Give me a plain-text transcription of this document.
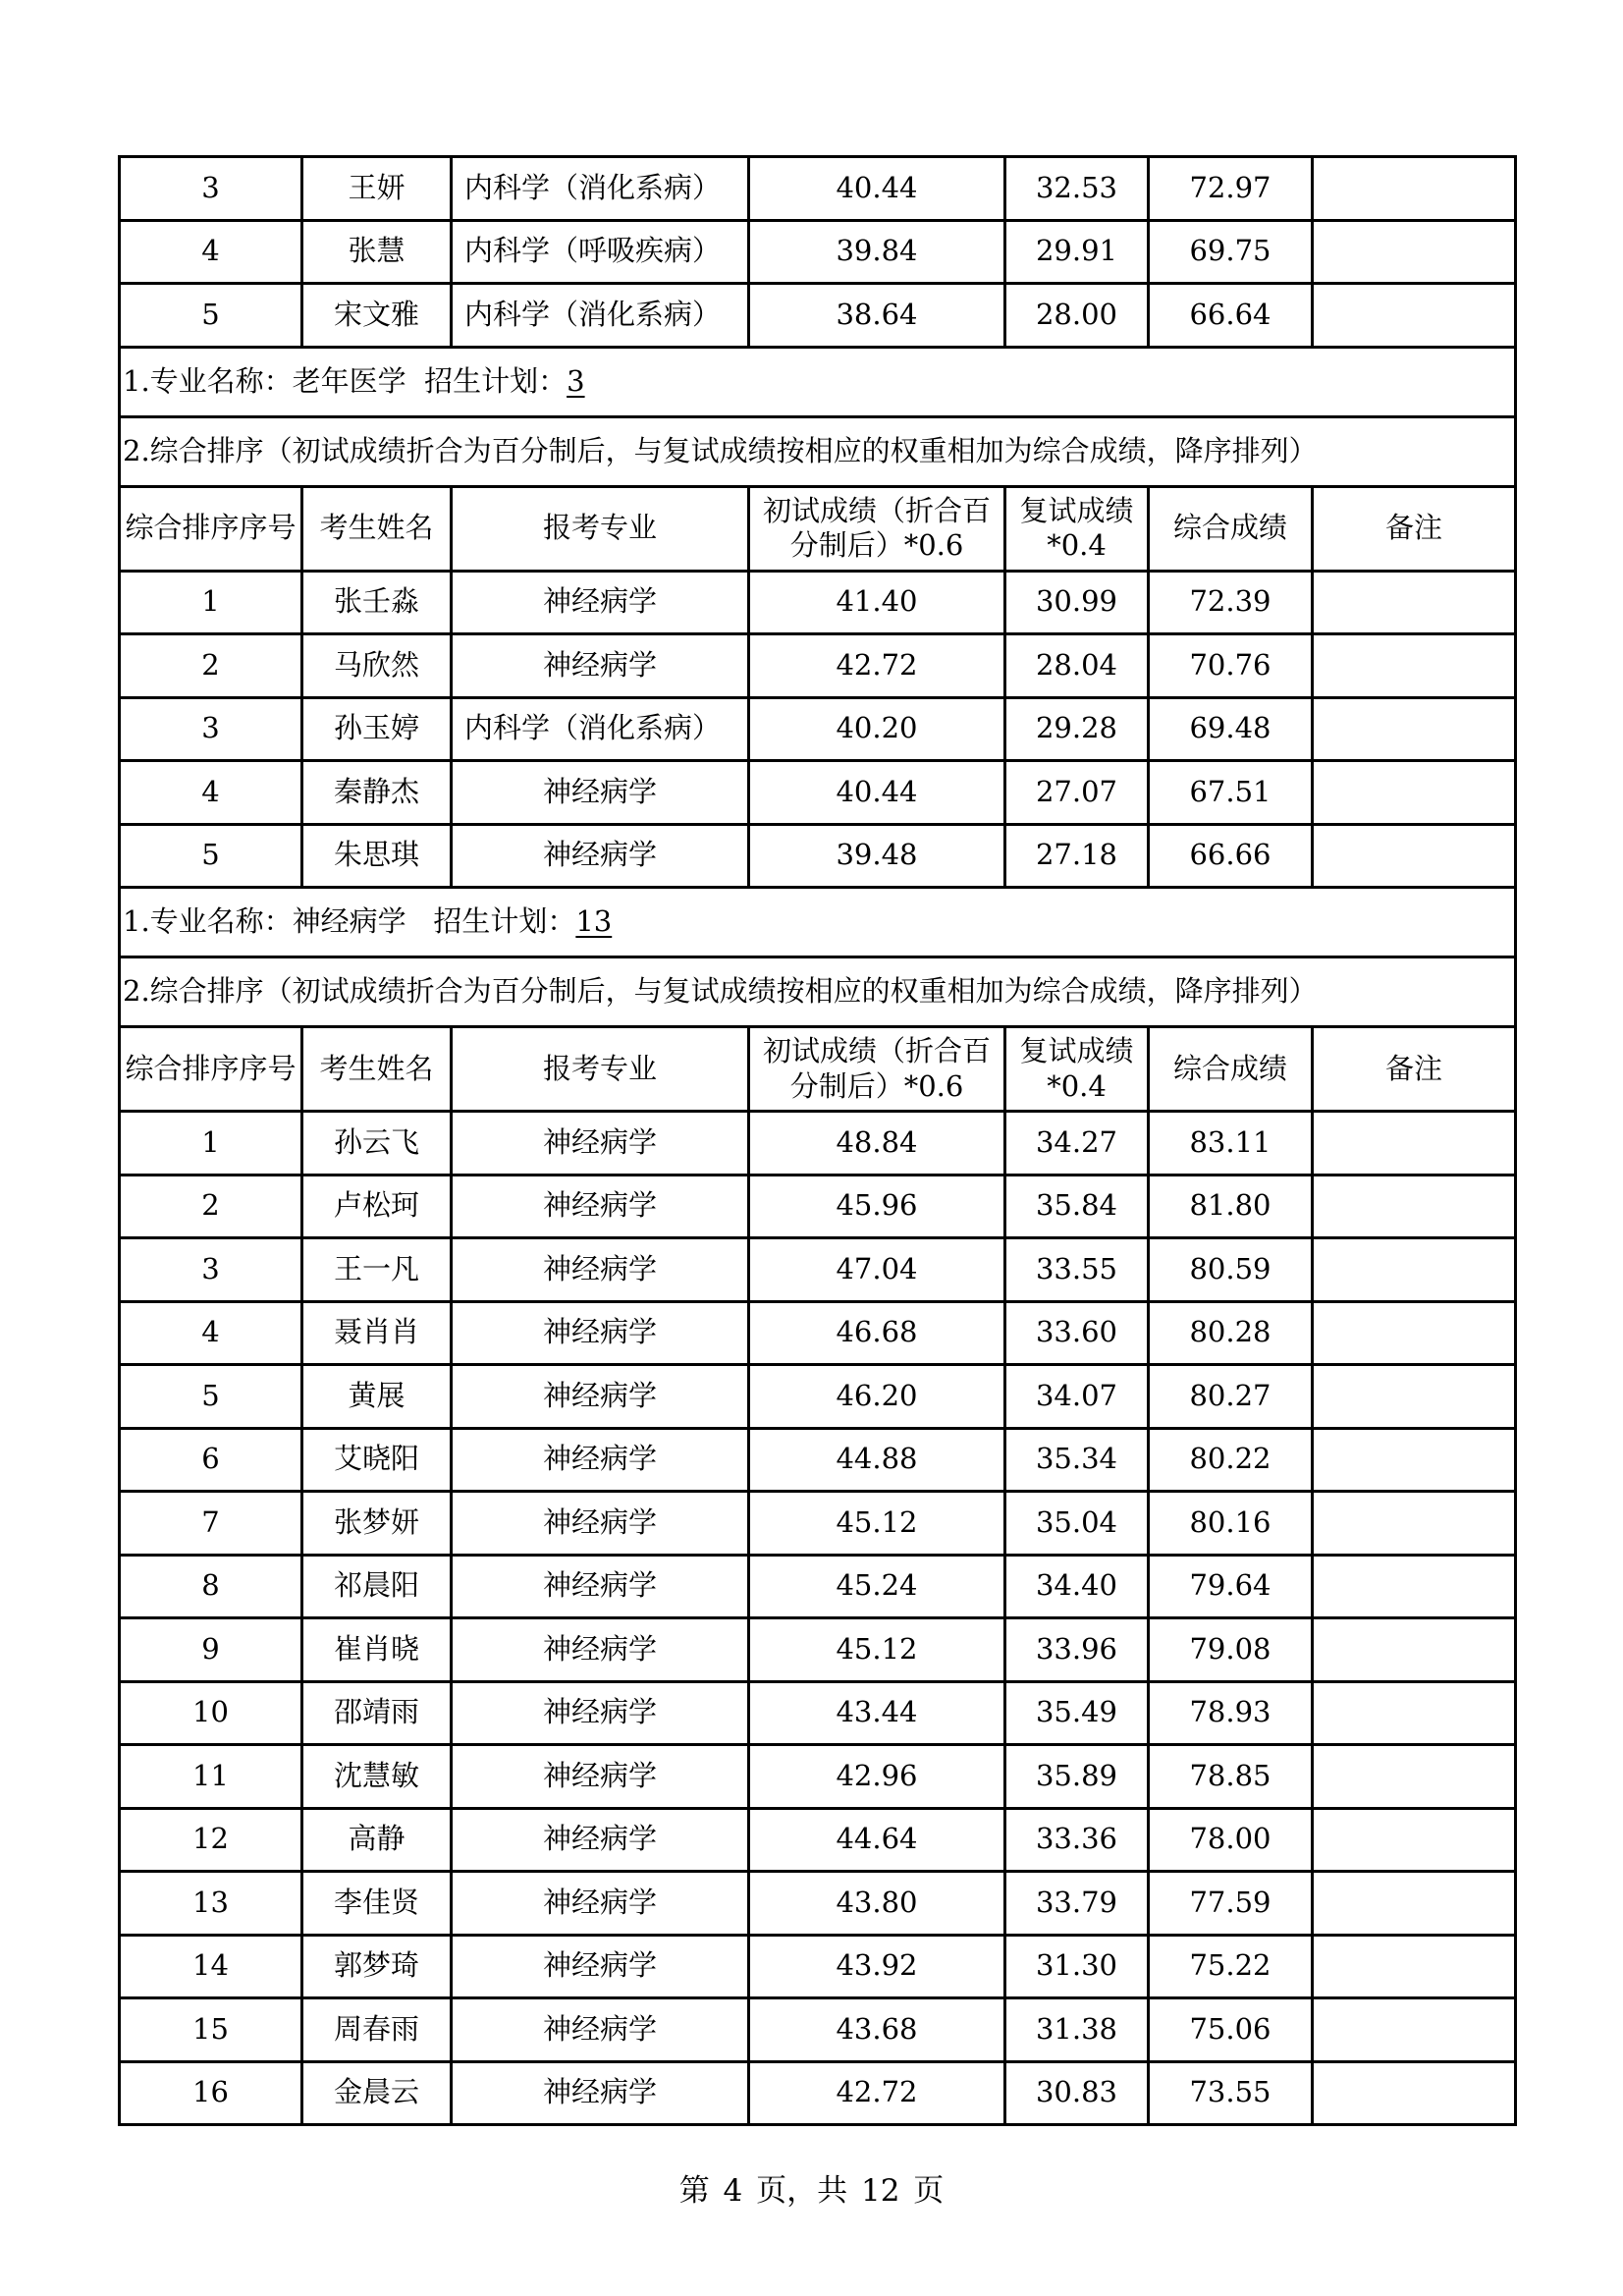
3	王妍	内科学（消化系病）	40.44	32.53	72.97	
4	张慧	内科学（呼吸疾病）	39.84	29.91	69.75	
5	宋文雅	内科学（消化系病）	38.64	28.00	66.64	
1.专业名称：老年医学  招生计划：3						
2.综合排序（初试成绩折合为百分制后，与复试成绩按相应的权重相加为综合成绩，降序排列）						
综合排序序号	考生姓名	报考专业	初试成绩（折合百分制后）*0.6	复试成绩*0.4	综合成绩	备注
1	张壬淼	神经病学	41.40	30.99	72.39	
2	马欣然	神经病学	42.72	28.04	70.76	
3	孙玉婷	内科学（消化系病）	40.20	29.28	69.48	
4	秦静杰	神经病学	40.44	27.07	67.51	
5	朱思琪	神经病学	39.48	27.18	66.66	
1.专业名称：神经病学   招生计划：13						
2.综合排序（初试成绩折合为百分制后，与复试成绩按相应的权重相加为综合成绩，降序排列）						
综合排序序号	考生姓名	报考专业	初试成绩（折合百分制后）*0.6	复试成绩*0.4	综合成绩	备注
1	孙云飞	神经病学	48.84	34.27	83.11	
2	卢松珂	神经病学	45.96	35.84	81.80	
3	王一凡	神经病学	47.04	33.55	80.59	
4	聂肖肖	神经病学	46.68	33.60	80.28	
5	黄展	神经病学	46.20	34.07	80.27	
6	艾晓阳	神经病学	44.88	35.34	80.22	
7	张梦妍	神经病学	45.12	35.04	80.16	
8	祁晨阳	神经病学	45.24	34.40	79.64	
9	崔肖晓	神经病学	45.12	33.96	79.08	
10	邵靖雨	神经病学	43.44	35.49	78.93	
11	沈慧敏	神经病学	42.96	35.89	78.85	
12	高静	神经病学	44.64	33.36	78.00	
13	李佳贤	神经病学	43.80	33.79	77.59	
14	郭梦琦	神经病学	43.92	31.30	75.22	
15	周春雨	神经病学	43.68	31.38	75.06	
16	金晨云	神经病学	42.72	30.83	73.55	
第 4 页，共 12 页
